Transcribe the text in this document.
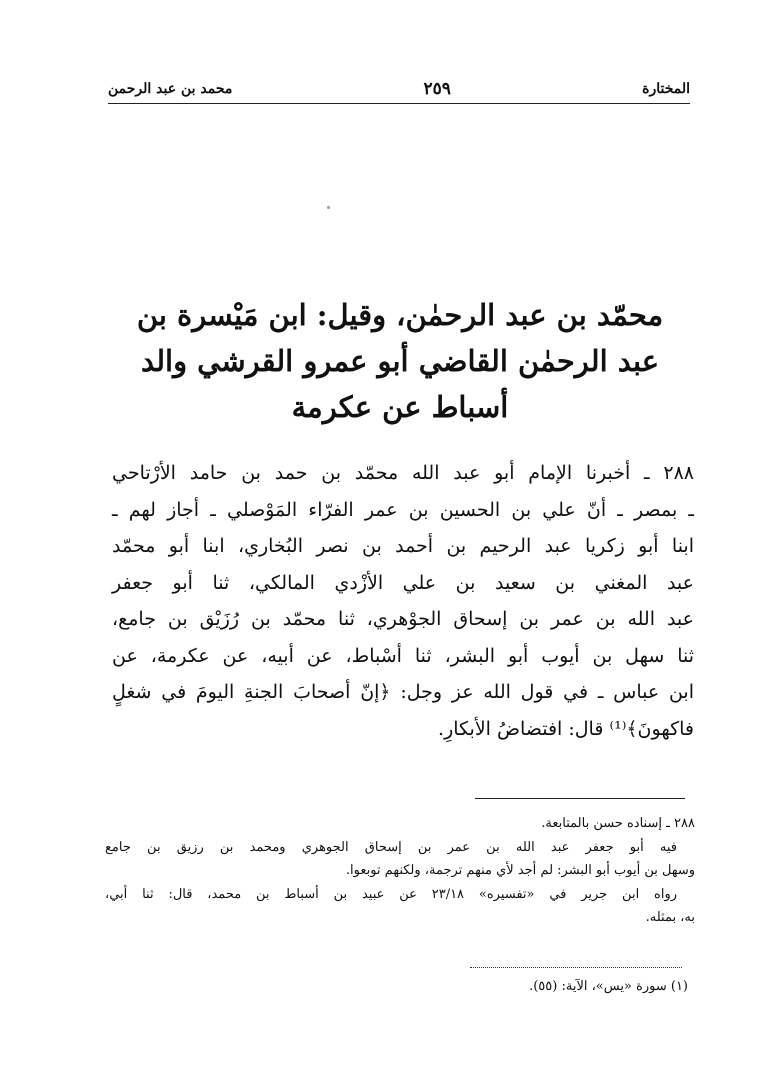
محمد بن عبد الرحمن	٢٥٩	المختارة
محمّد بن عبد الرحمٰن، وقيل: ابن مَيْسرة بن
عبد الرحمٰن القاضي أبو عمرو القرشي والد
أسباط عن عكرمة
٢٨٨ ـ أخبرنا الإمام أبو عبد الله محمّد بن حمد بن حامد الأرْتاحي
ـ بمصر ـ أنّ علي بن الحسين بن عمر الفرّاء المَوْصلي ـ أجاز لهم ـ
ابنا أبو زكريا عبد الرحيم بن أحمد بن نصر البُخاري، ابنا أبو محمّد
عبد المغني بن سعيد بن علي الأزْدي المالكي، ثنا أبو جعفر
عبد الله بن عمر بن إسحاق الجوْهري، ثنا محمّد بن رُزَيْق بن جامع،
ثنا سهل بن أيوب أبو البشر، ثنا أسْباط، عن أبيه، عن عكرمة، عن
ابن عباس ـ في قول الله عز وجل: ﴿إنّ أصحابَ الجنةِ اليومَ في شغلٍ
فاكهونَ﴾⁽¹⁾ قال: افتضاضُ الأبكارِ.
٢٨٨ ـ إسناده حسن بالمتابعة.
فيه أبو جعفر عبد الله بن عمر بن إسحاق الجوهري ومحمد بن رزيق بن جامع
وسهل بن أيوب أبو البشر: لم أجد لأي منهم ترجمة، ولكنهم توبعوا.
رواه ابن جرير في «تفسيره» ٢٣/١٨ عن عبيد بن أسباط بن محمد، قال: ثنا أبي،
به، بمثله.
(١) سورة «يس»، الآية: (٥٥).
